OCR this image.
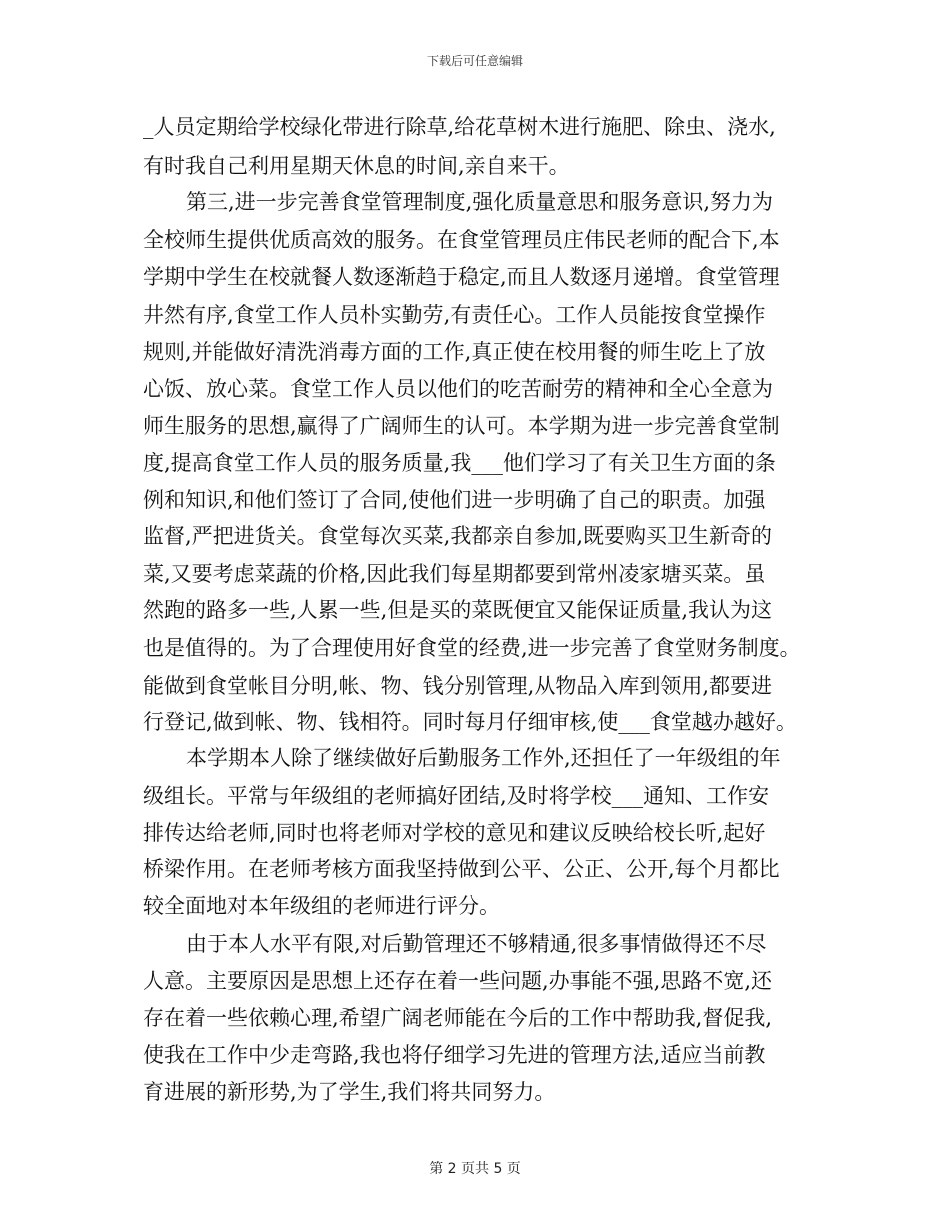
下载后可任意编辑
_人员定期给学校绿化带进行除草,给花草树木进行施肥、除虫、浇水,
有时我自己利用星期天休息的时间,亲自来干。
第三,进一步完善食堂管理制度,强化质量意思和服务意识,努力为
全校师生提供优质高效的服务。在食堂管理员庄伟民老师的配合下,本
学期中学生在校就餐人数逐渐趋于稳定,而且人数逐月递增。食堂管理
井然有序,食堂工作人员朴实勤劳,有责任心。工作人员能按食堂操作
规则,并能做好清洗消毒方面的工作,真正使在校用餐的师生吃上了放
心饭、放心菜。食堂工作人员以他们的吃苦耐劳的精神和全心全意为
师生服务的思想,赢得了广阔师生的认可。本学期为进一步完善食堂制
度,提高食堂工作人员的服务质量,我___他们学习了有关卫生方面的条
例和知识,和他们签订了合同,使他们进一步明确了自己的职责。加强
监督,严把进货关。食堂每次买菜,我都亲自参加,既要购买卫生新奇的
菜,又要考虑菜蔬的价格,因此我们每星期都要到常州凌家塘买菜。虽
然跑的路多一些,人累一些,但是买的菜既便宜又能保证质量,我认为这
也是值得的。为了合理使用好食堂的经费,进一步完善了食堂财务制度。
能做到食堂帐目分明,帐、物、钱分别管理,从物品入库到领用,都要进
行登记,做到帐、物、钱相符。同时每月仔细审核,使___食堂越办越好。
本学期本人除了继续做好后勤服务工作外,还担任了一年级组的年
级组长。平常与年级组的老师搞好团结,及时将学校___通知、工作安
排传达给老师,同时也将老师对学校的意见和建议反映给校长听,起好
桥梁作用。在老师考核方面我坚持做到公平、公正、公开,每个月都比
较全面地对本年级组的老师进行评分。
由于本人水平有限,对后勤管理还不够精通,很多事情做得还不尽
人意。主要原因是思想上还存在着一些问题,办事能不强,思路不宽,还
存在着一些依赖心理,希望广阔老师能在今后的工作中帮助我,督促我,
使我在工作中少走弯路,我也将仔细学习先进的管理方法,适应当前教
育进展的新形势,为了学生,我们将共同努力。
第 2 页共 5 页
